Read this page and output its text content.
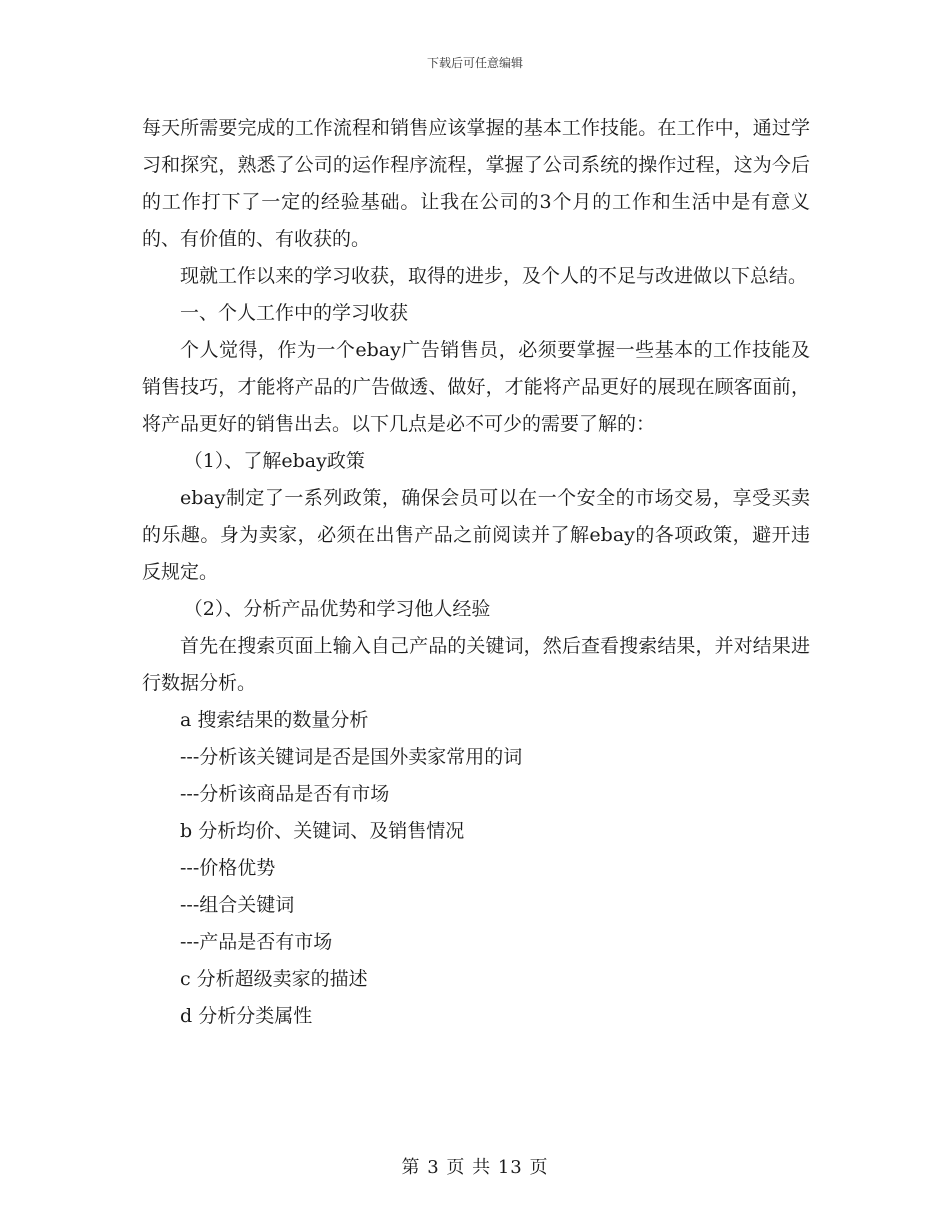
下载后可任意编辑

每天所需要完成的工作流程和销售应该掌握的基本工作技能。在工作中，通过学习和探究，熟悉了公司的运作程序流程，掌握了公司系统的操作过程，这为今后的工作打下了一定的经验基础。让我在公司的3个月的工作和生活中是有意义的、有价值的、有收获的。

现就工作以来的学习收获，取得的进步，及个人的不足与改进做以下总结。

一、个人工作中的学习收获

个人觉得，作为一个ebay广告销售员，必须要掌握一些基本的工作技能及销售技巧，才能将产品的广告做透、做好，才能将产品更好的展现在顾客面前，将产品更好的销售出去。以下几点是必不可少的需要了解的：

（1）、了解ebay政策

ebay制定了一系列政策，确保会员可以在一个安全的市场交易，享受买卖的乐趣。身为卖家，必须在出售产品之前阅读并了解ebay的各项政策，避开违反规定。

（2）、分析产品优势和学习他人经验

首先在搜索页面上输入自己产品的关键词，然后查看搜索结果，并对结果进行数据分析。

a 搜索结果的数量分析

---分析该关键词是否是国外卖家常用的词

---分析该商品是否有市场

b 分析均价、关键词、及销售情况

---价格优势

---组合关键词

---产品是否有市场

c 分析超级卖家的描述

d 分析分类属性

第 3 页 共 13 页
